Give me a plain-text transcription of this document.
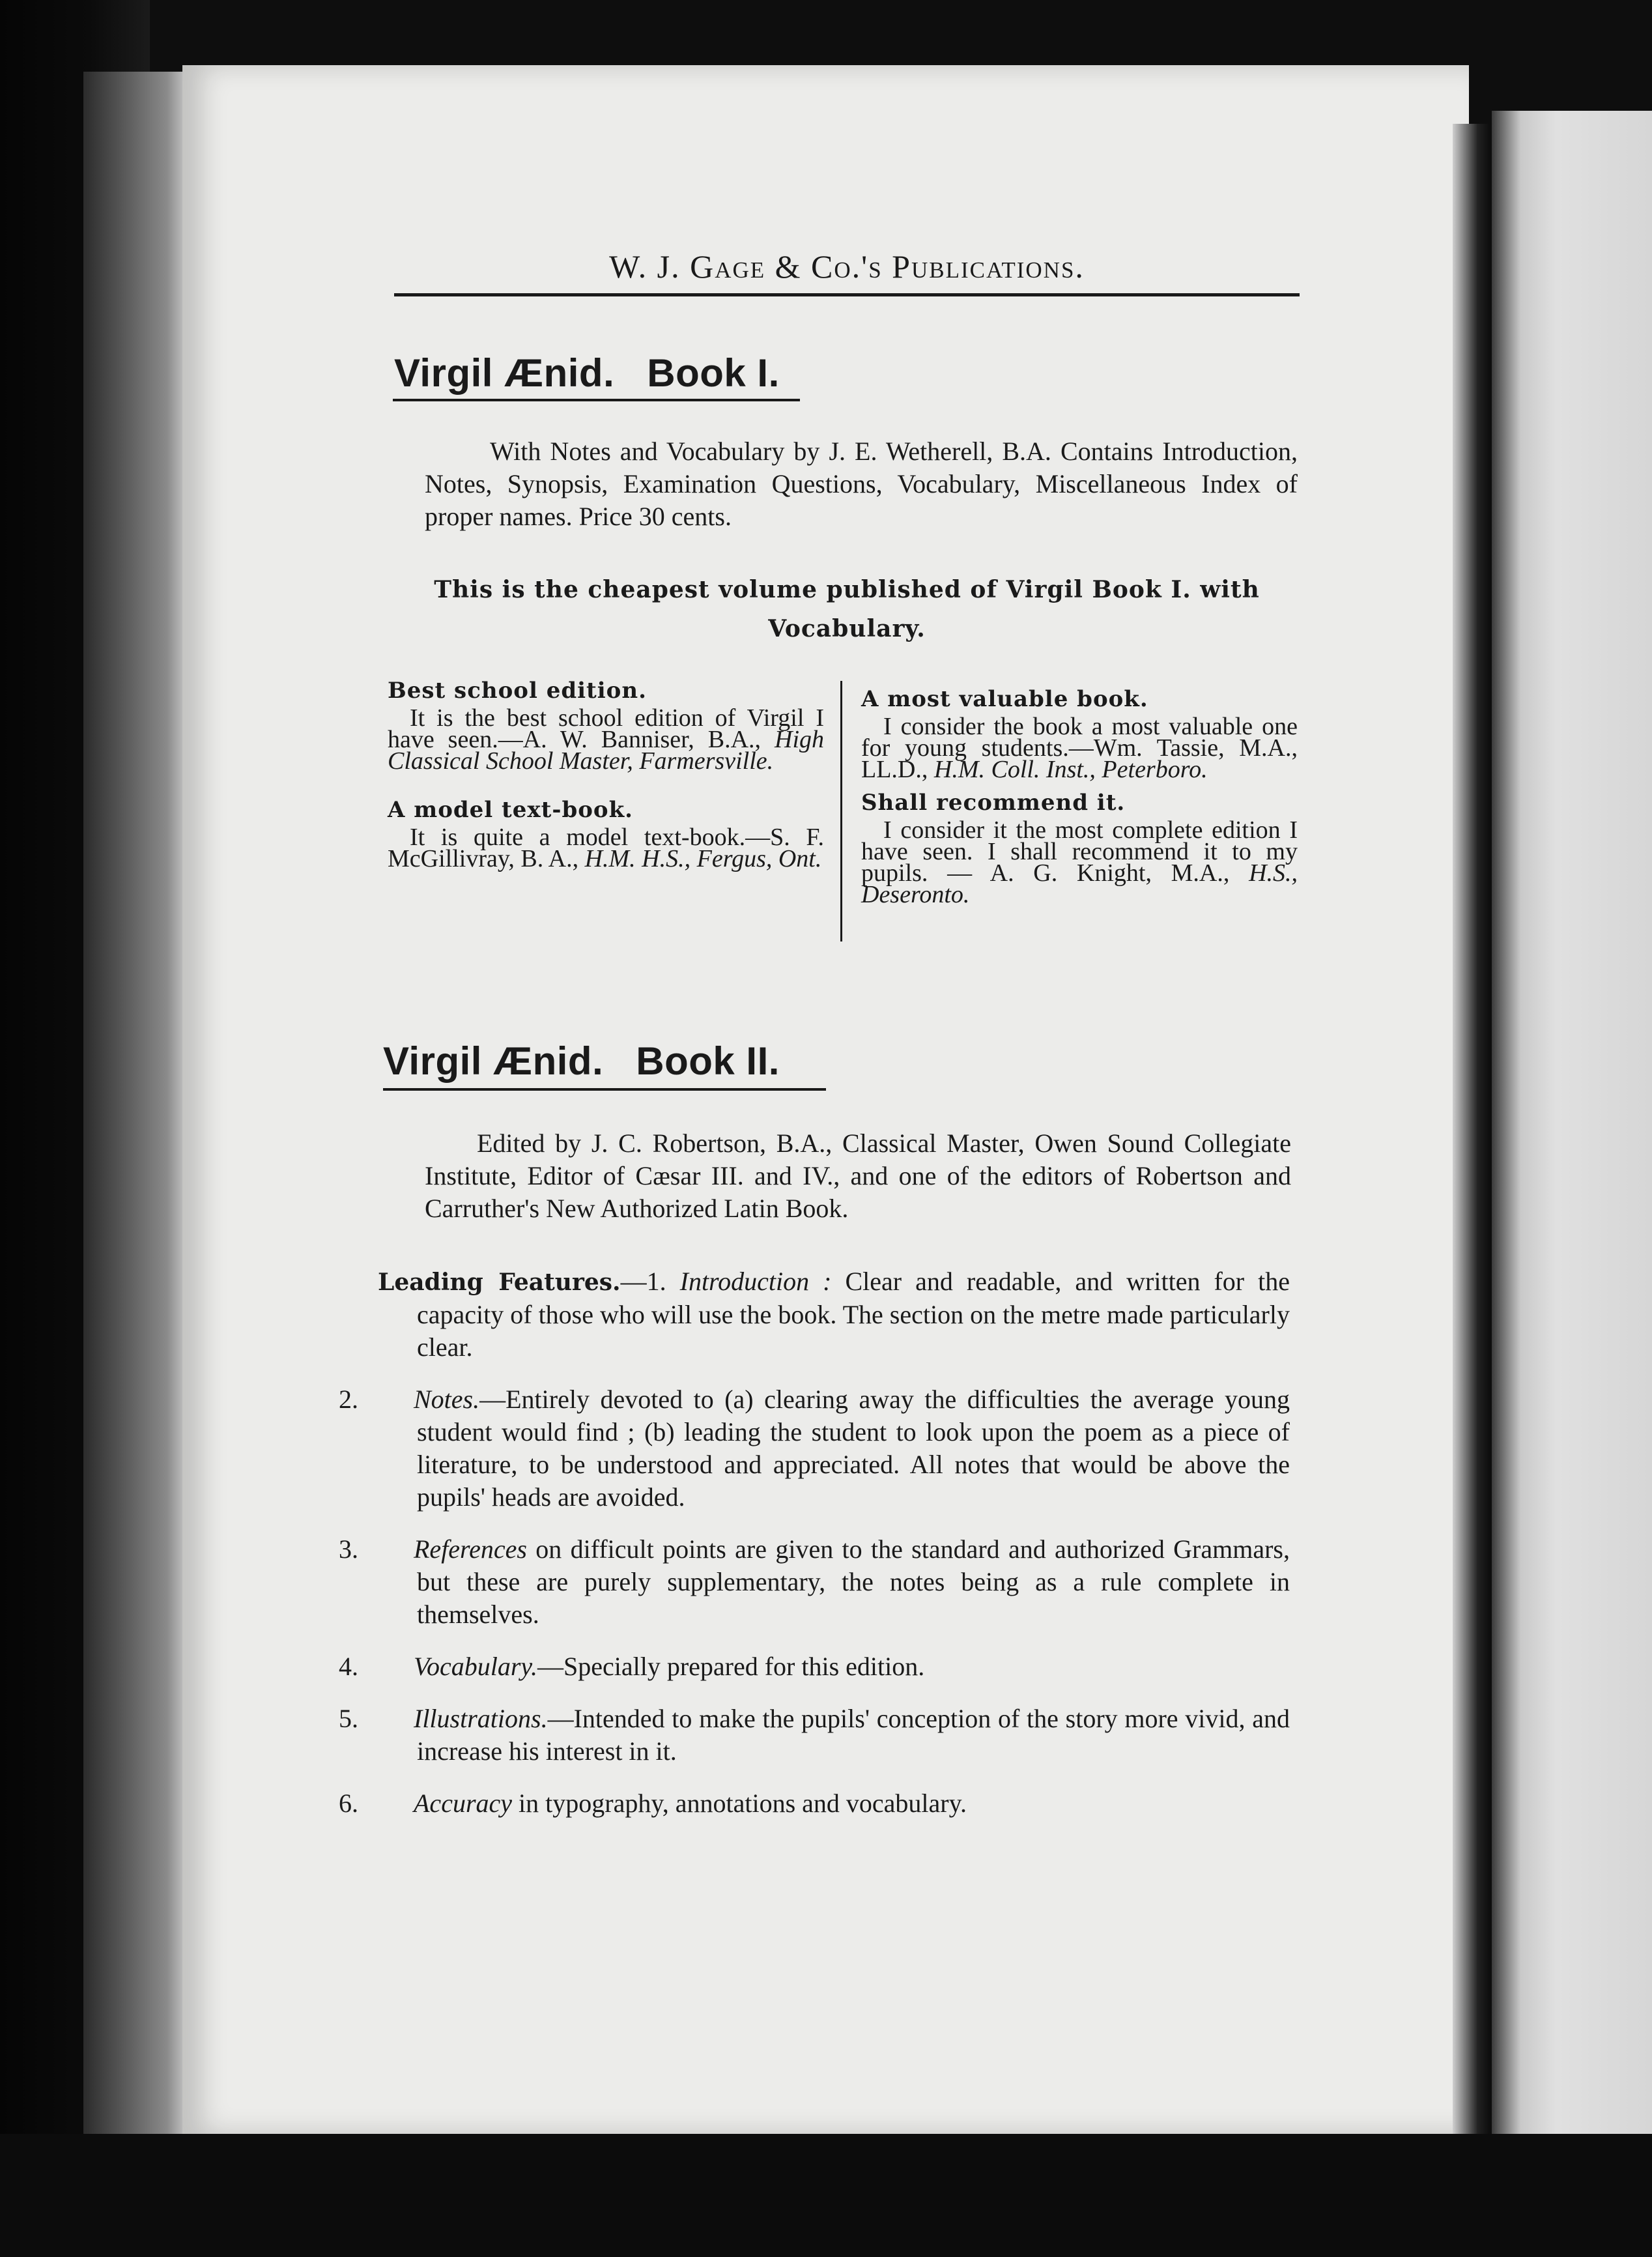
W. J. Gage & Co.'s Publications.

Virgil Ænid. Book I.

With Notes and Vocabulary by J. E. Wetherell, B.A. Contains Introduction, Notes, Synopsis, Examination Questions, Vocabulary, Miscellaneous Index of proper names. Price 30 cents.

This is the cheapest volume published of Virgil Book I. with

Vocabulary.

Best school edition.

It is the best school edition of Virgil I have seen.—A. W. Banniser, B.A., High Classical School Master, Farmersville.

A model text-book.

It is quite a model text-book.—S. F. McGillivray, B. A., H.M. H.S., Fergus, Ont.

A most valuable book.

I consider the book a most valuable one for young students.—Wm. Tassie, M.A., LL.D., H.M. Coll. Inst., Peterboro.

Shall recommend it.

I consider it the most complete edition I have seen. I shall recommend it to my pupils. — A. G. Knight, M.A., H.S., Deseronto.

Virgil Ænid. Book II.

Edited by J. C. Robertson, B.A., Classical Master, Owen Sound Collegiate Institute, Editor of Cæsar III. and IV., and one of the editors of Robertson and Carruther's New Authorized Latin Book.

Leading Features.—1. Introduction : Clear and readable, and written for the capacity of those who will use the book. The section on the metre made particularly clear.

2. Notes.—Entirely devoted to (a) clearing away the difficulties the average young student would find ; (b) leading the student to look upon the poem as a piece of literature, to be understood and appreciated. All notes that would be above the pupils' heads are avoided.

3. References on difficult points are given to the standard and authorized Grammars, but these are purely supplementary, the notes being as a rule complete in themselves.

4. Vocabulary.—Specially prepared for this edition.

5. Illustrations.—Intended to make the pupils' conception of the story more vivid, and increase his interest in it.

6. Accuracy in typography, annotations and vocabulary.
